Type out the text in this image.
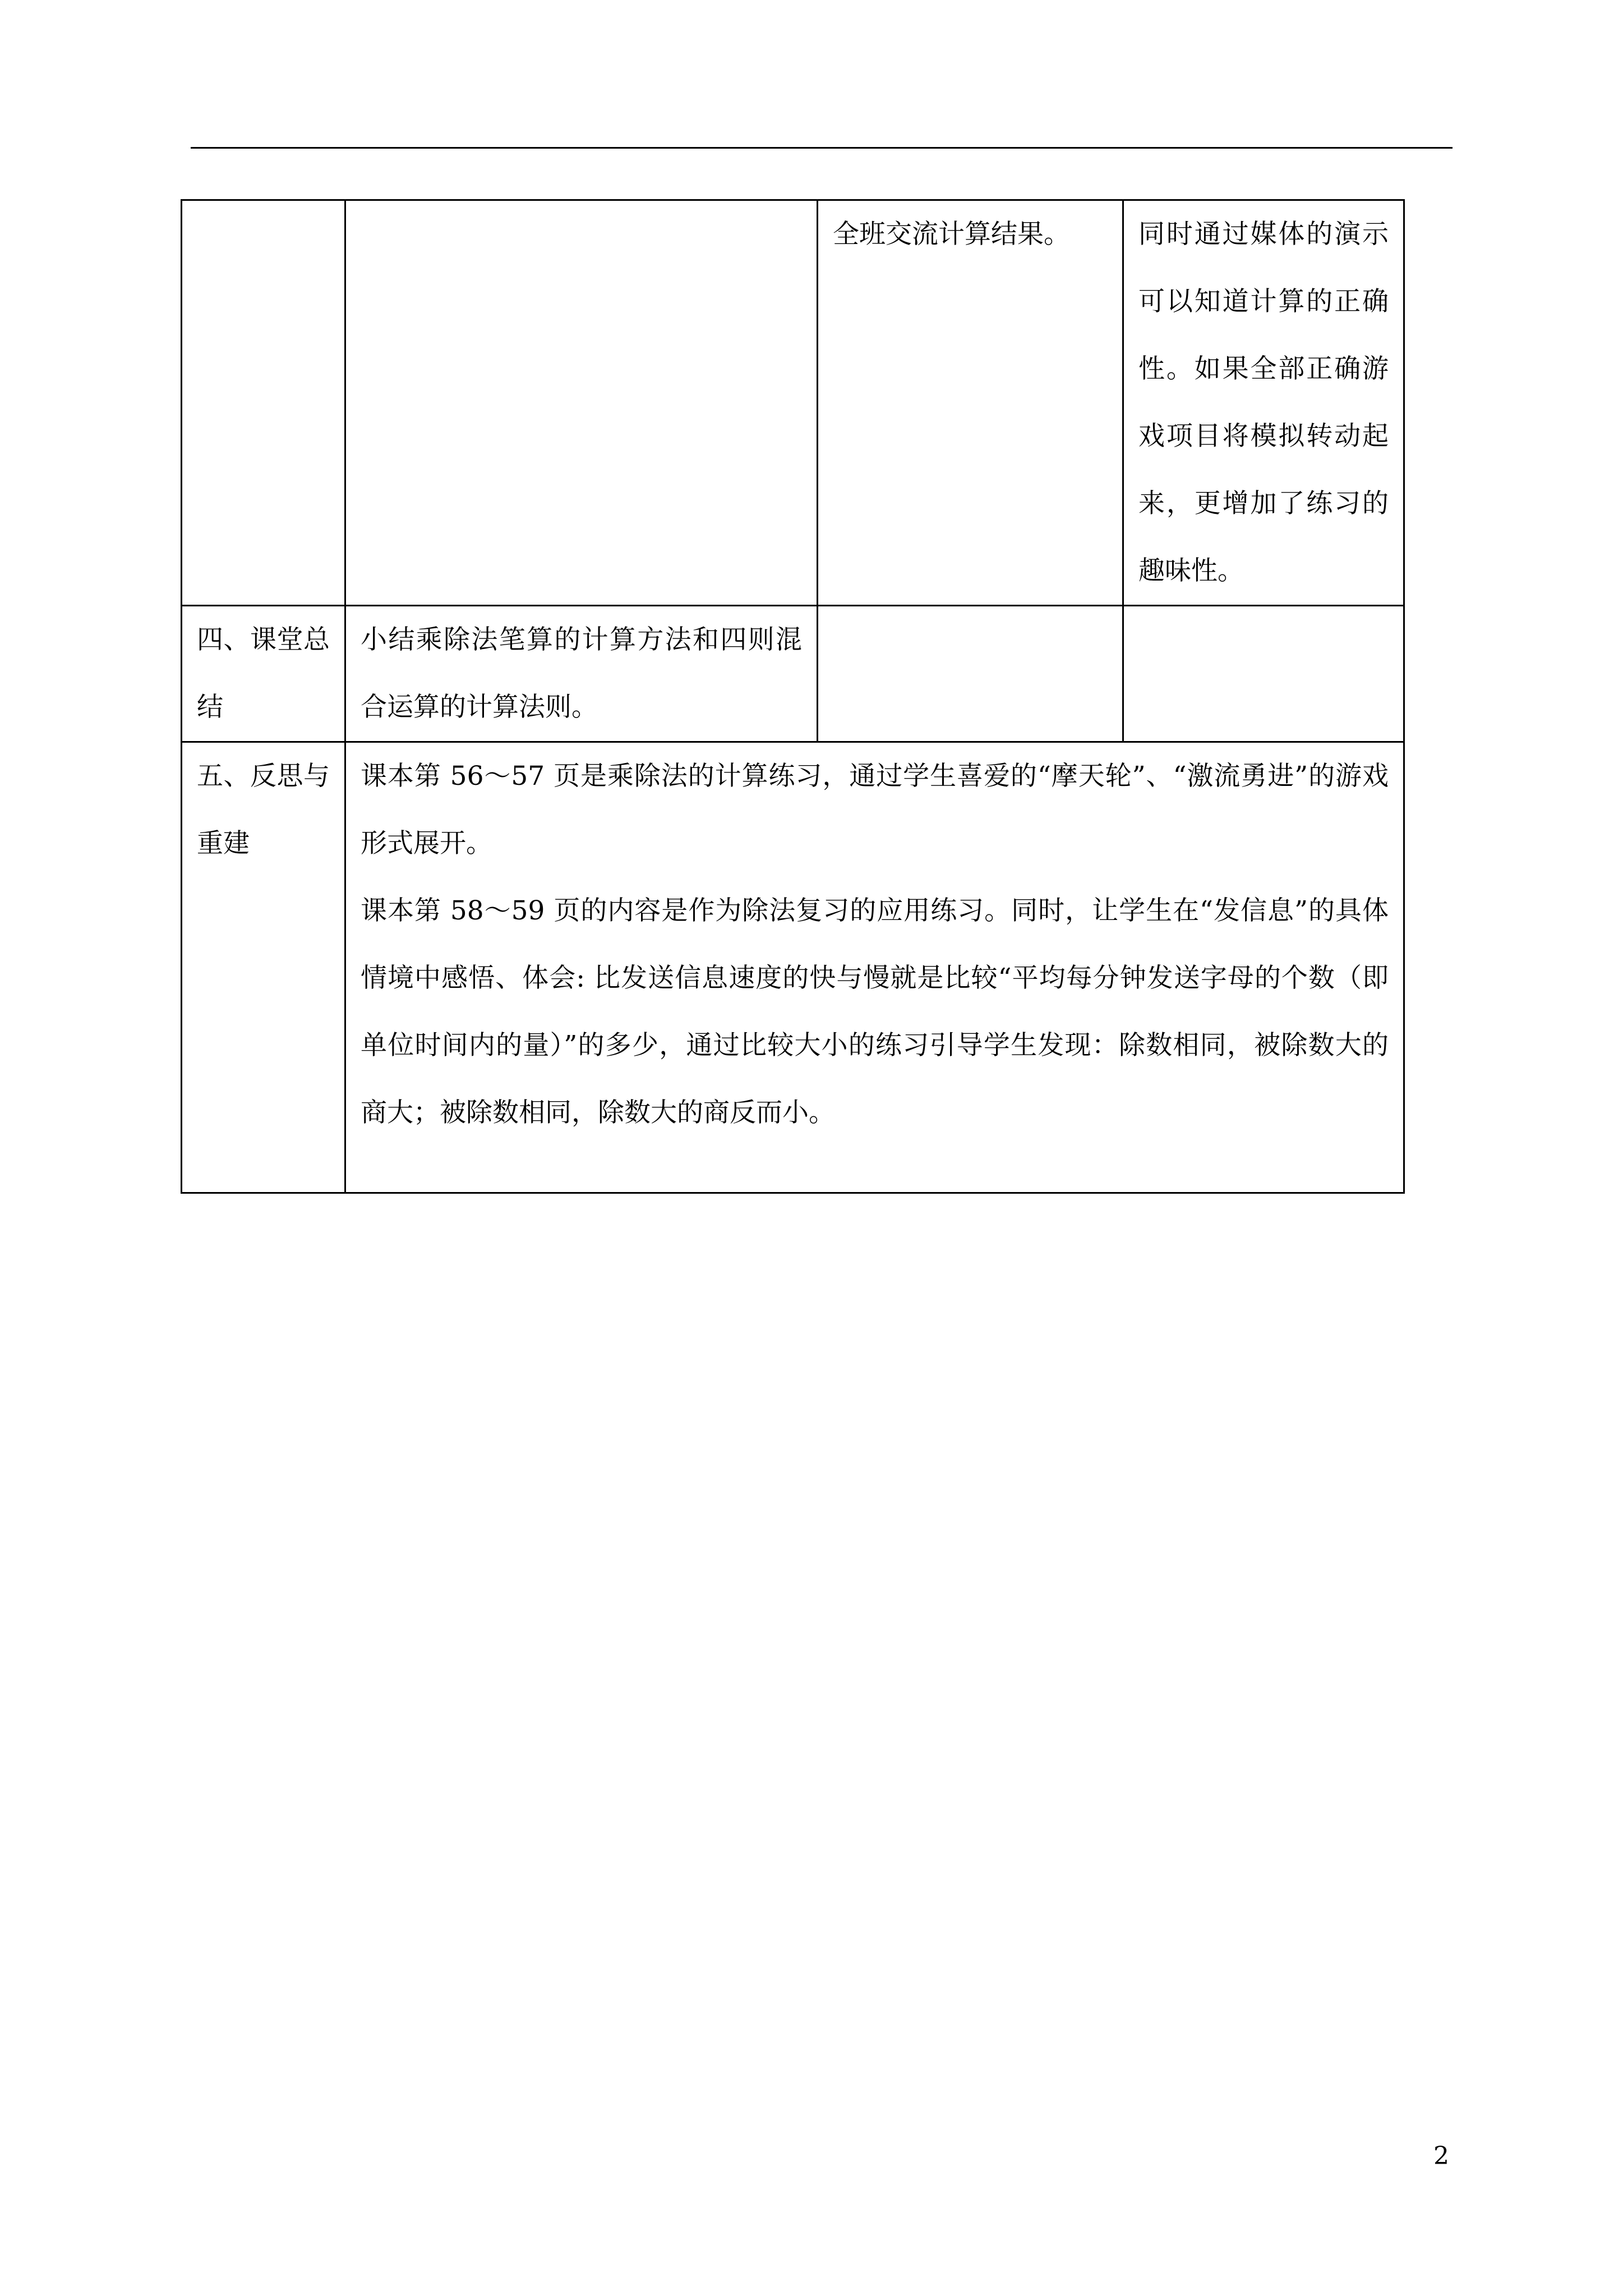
		全班交流计算结果。	同时通过媒体的演示可以知道计算的正确性。如果全部正确游戏项目将模拟转动起来，更增加了练习的趣味性。
四、课堂总结	小结乘除法笔算的计算方法和四则混合运算的计算法则。		
五、反思与重建	课本第 56～57 页是乘除法的计算练习，通过学生喜爱的“摩天轮”、“激流勇进”的游戏形式展开。
课本第 58～59 页的内容是作为除法复习的应用练习。同时，让学生在“发信息”的具体情境中感悟、体会: 比发送信息速度的快与慢就是比较“平均每分钟发送字母的个数（即单位时间内的量）”的多少，通过比较大小的练习引导学生发现：除数相同，被除数大的商大；被除数相同，除数大的商反而小。		
2
